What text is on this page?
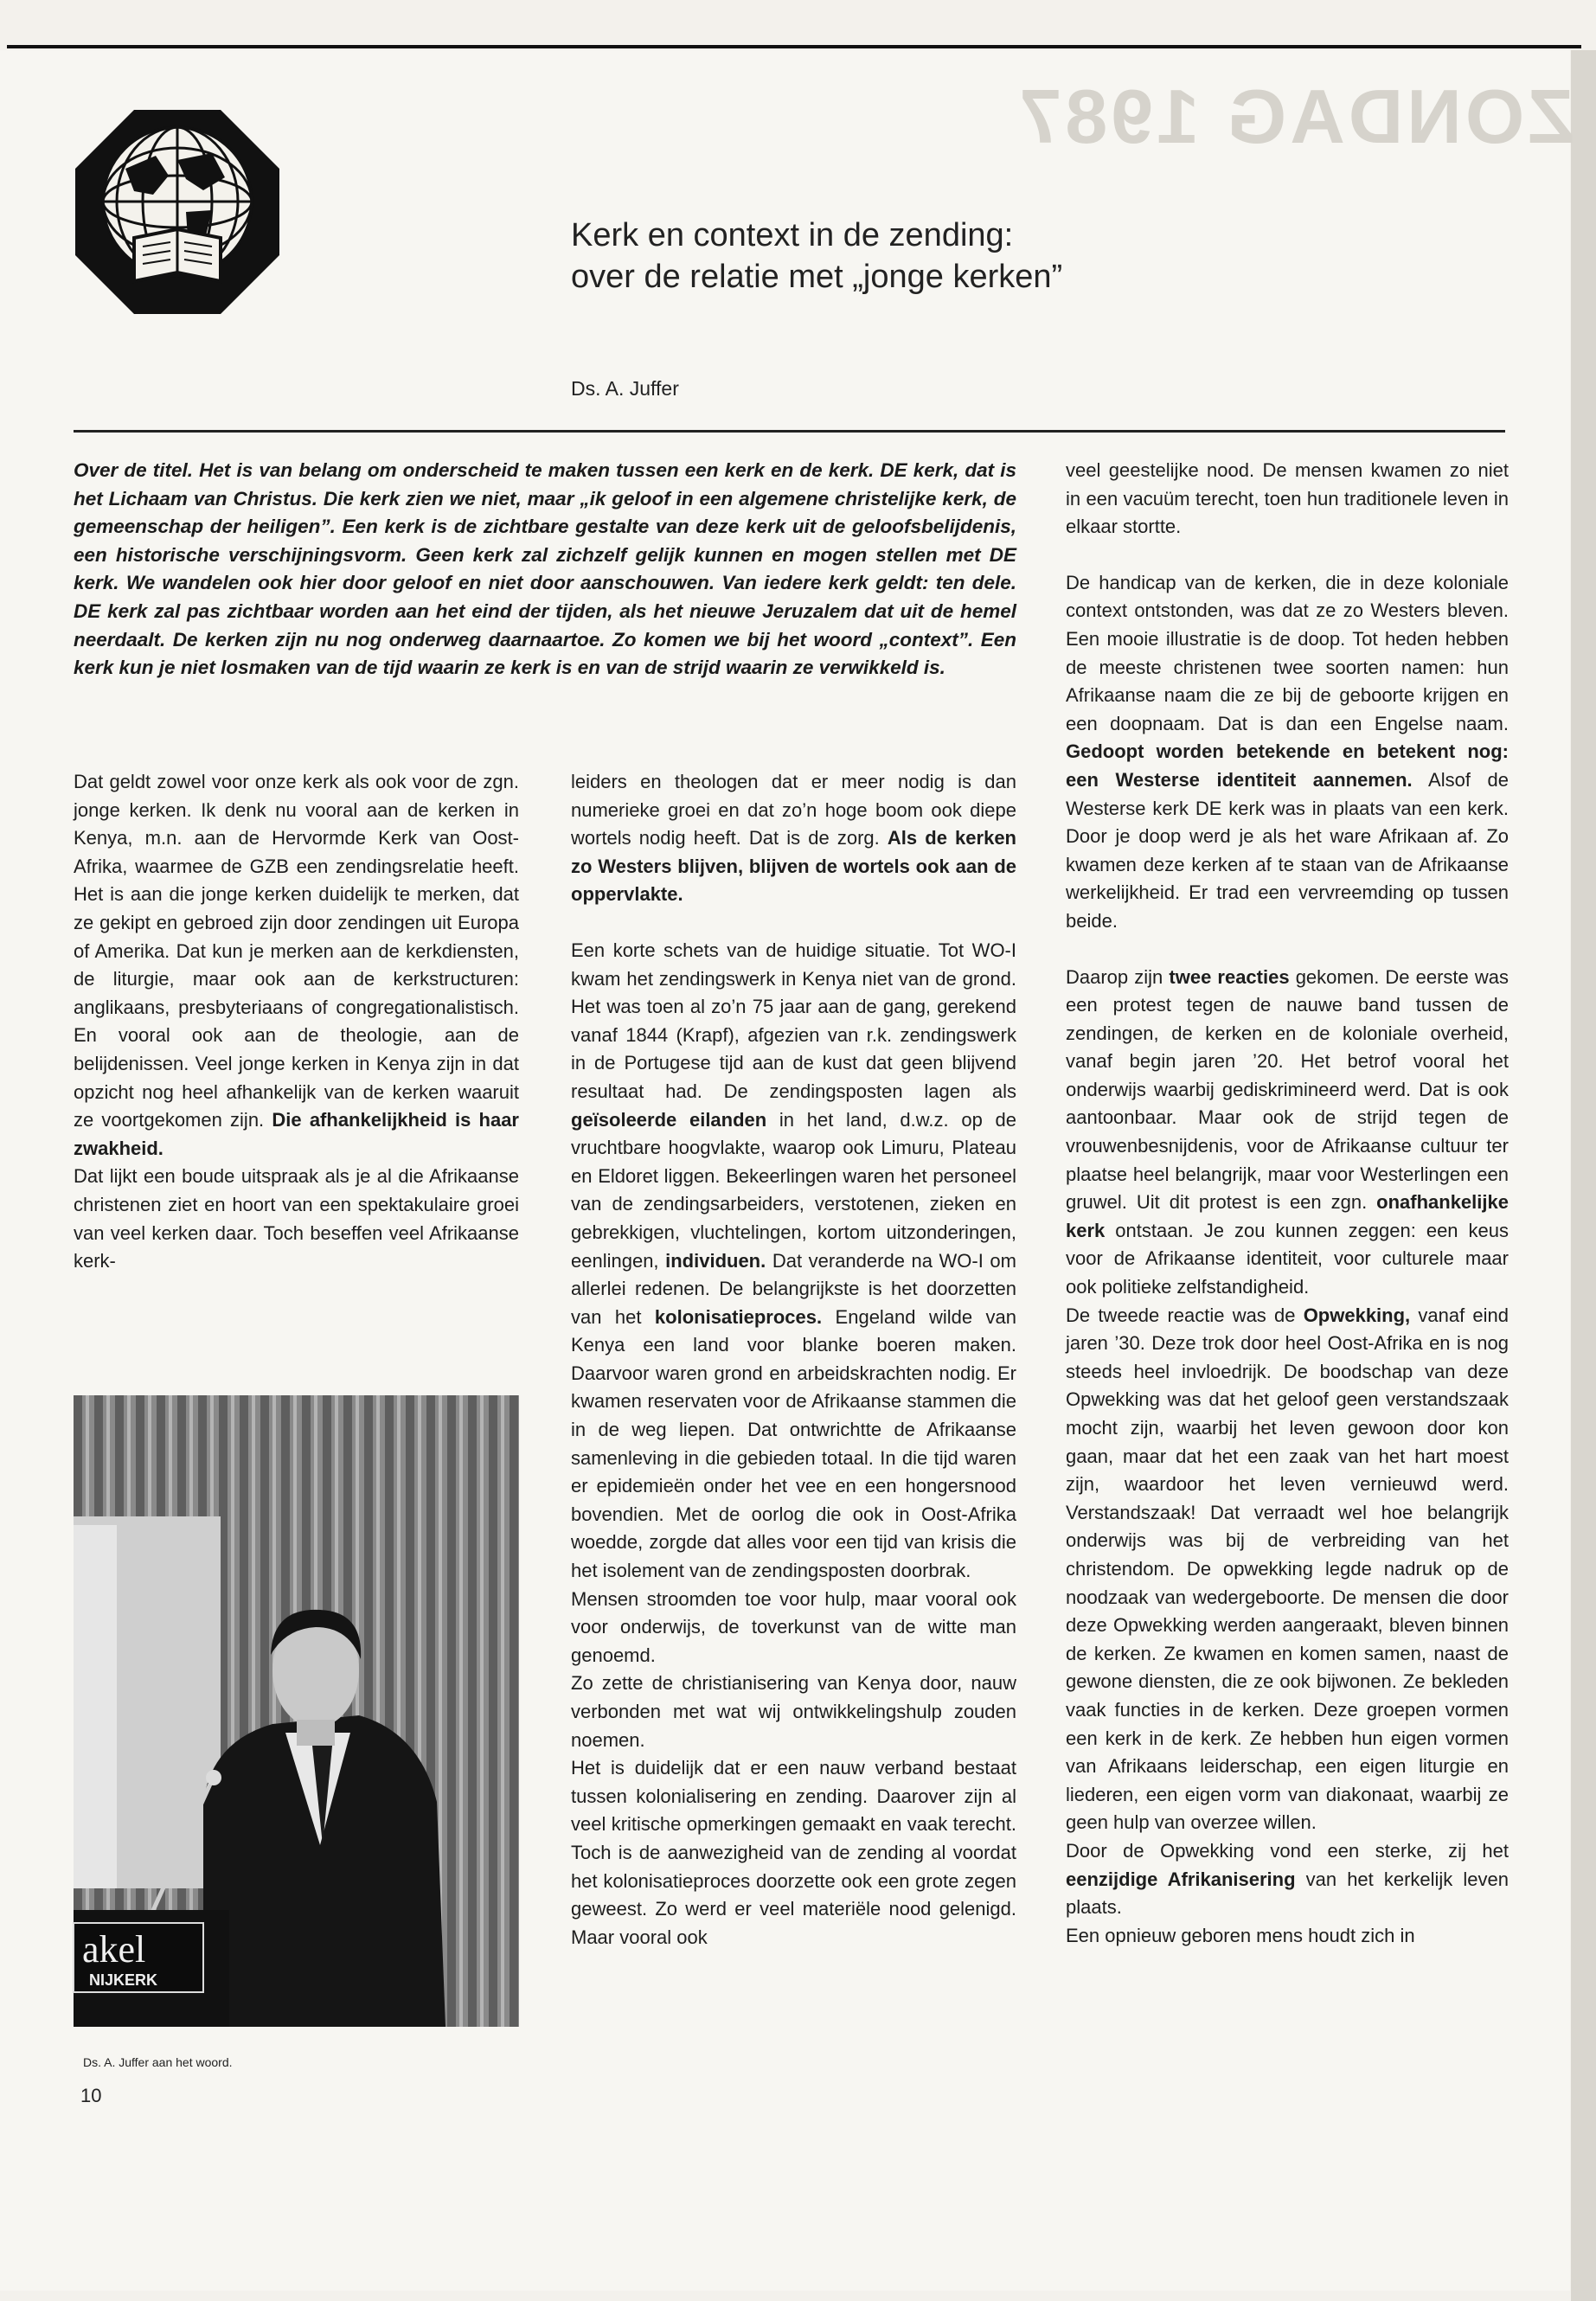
ZONDAG 1987
Kerk en context in de zending:
over de relatie met „jonge kerken”
Ds. A. Juffer
Over de titel. Het is van belang om onderscheid te maken tussen een kerk en de kerk. DE kerk, dat is het Lichaam van Christus. Die kerk zien we niet, maar „ik geloof in een algemene christelijke kerk, de gemeenschap der heiligen”. Een kerk is de zichtbare gestalte van deze kerk uit de geloofsbelijdenis, een historische verschijningsvorm. Geen kerk zal zichzelf gelijk kunnen en mogen stellen met DE kerk. We wandelen ook hier door geloof en niet door aanschouwen. Van iedere kerk geldt: ten dele. DE kerk zal pas zichtbaar worden aan het eind der tijden, als het nieuwe Jeruzalem dat uit de hemel neerdaalt. De kerken zijn nu nog onderweg daarnaartoe. Zo komen we bij het woord „context”. Een kerk kun je niet losmaken van de tijd waarin ze kerk is en van de strijd waarin ze verwikkeld is.

Dat geldt zowel voor onze kerk als ook voor de zgn. jonge kerken. Ik denk nu vooral aan de kerken in Kenya, m.n. aan de Hervormde Kerk van Oost-Afrika, waarmee de GZB een zendingsrelatie heeft. Het is aan die jonge kerken duidelijk te merken, dat ze gekipt en gebroed zijn door zendingen uit Europa of Amerika. Dat kun je merken aan de kerkdiensten, de liturgie, maar ook aan de kerkstructuren: anglikaans, presbyteriaans of congregationalistisch. En vooral ook aan de theologie, aan de belijdenissen. Veel jonge kerken in Kenya zijn in dat opzicht nog heel afhankelijk van de kerken waaruit ze voortgekomen zijn. Die afhankelijkheid is haar zwakheid.

Dat lijkt een boude uitspraak als je al die Afrikaanse christenen ziet en hoort van een spektakulaire groei van veel kerken daar. Toch beseffen veel Afrikaanse kerk-

akel
NIJKERK
Ds. A. Juffer aan het woord.
10

leiders en theologen dat er meer nodig is dan numerieke groei en dat zo’n hoge boom ook diepe wortels nodig heeft. Dat is de zorg. Als de kerken zo Westers blijven, blijven de wortels ook aan de oppervlakte.

Een korte schets van de huidige situatie. Tot WO-I kwam het zendingswerk in Kenya niet van de grond. Het was toen al zo’n 75 jaar aan de gang, gerekend vanaf 1844 (Krapf), afgezien van r.k. zendingswerk in de Portugese tijd aan de kust dat geen blijvend resultaat had. De zendingsposten lagen als geïsoleerde eilanden in het land, d.w.z. op de vruchtbare hoogvlakte, waarop ook Limuru, Plateau en Eldoret liggen. Bekeerlingen waren het personeel van de zendingsarbeiders, verstotenen, zieken en gebrekkigen, vluchtelingen, kortom uitzonderingen, eenlingen, individuen. Dat veranderde na WO-I om allerlei redenen. De belangrijkste is het doorzetten van het kolonisatieproces. Engeland wilde van Kenya een land voor blanke boeren maken. Daarvoor waren grond en arbeidskrachten nodig. Er kwamen reservaten voor de Afrikaanse stammen die in de weg liepen. Dat ontwrichtte de Afrikaanse samenleving in die gebieden totaal. In die tijd waren er epidemieën onder het vee en een hongersnood bovendien. Met de oorlog die ook in Oost-Afrika woedde, zorgde dat alles voor een tijd van krisis die het isolement van de zendingsposten doorbrak.

Mensen stroomden toe voor hulp, maar vooral ook voor onderwijs, de toverkunst van de witte man genoemd.

Zo zette de christianisering van Kenya door, nauw verbonden met wat wij ontwikkelingshulp zouden noemen.

Het is duidelijk dat er een nauw verband bestaat tussen kolonialisering en zending. Daarover zijn al veel kritische opmerkingen gemaakt en vaak terecht. Toch is de aanwezigheid van de zending al voordat het kolonisatieproces doorzette ook een grote zegen geweest. Zo werd er veel materiële nood gelenigd. Maar vooral ook

veel geestelijke nood. De mensen kwamen zo niet in een vacuüm terecht, toen hun traditionele leven in elkaar stortte.

De handicap van de kerken, die in deze koloniale context ontstonden, was dat ze zo Westers bleven. Een mooie illustratie is de doop. Tot heden hebben de meeste christenen twee soorten namen: hun Afrikaanse naam die ze bij de geboorte krijgen en een doopnaam. Dat is dan een Engelse naam. Gedoopt worden betekende en betekent nog: een Westerse identiteit aannemen. Alsof de Westerse kerk DE kerk was in plaats van een kerk. Door je doop werd je als het ware Afrikaan af. Zo kwamen deze kerken af te staan van de Afrikaanse werkelijkheid. Er trad een vervreemding op tussen beide.

Daarop zijn twee reacties gekomen. De eerste was een protest tegen de nauwe band tussen de zendingen, de kerken en de koloniale overheid, vanaf begin jaren ’20. Het betrof vooral het onderwijs waarbij gediskrimineerd werd. Dat is ook aantoonbaar. Maar ook de strijd tegen de vrouwenbesnijdenis, voor de Afrikaanse cultuur ter plaatse heel belangrijk, maar voor Westerlingen een gruwel. Uit dit protest is een zgn. onafhankelijke kerk ontstaan. Je zou kunnen zeggen: een keus voor de Afrikaanse identiteit, voor culturele maar ook politieke zelfstandigheid.

De tweede reactie was de Opwekking, vanaf eind jaren ’30. Deze trok door heel Oost-Afrika en is nog steeds heel invloedrijk. De boodschap van deze Opwekking was dat het geloof geen verstandszaak mocht zijn, waarbij het leven gewoon door kon gaan, maar dat het een zaak van het hart moest zijn, waardoor het leven vernieuwd werd. Verstandszaak! Dat verraadt wel hoe belangrijk onderwijs was bij de verbreiding van het christendom. De opwekking legde nadruk op de noodzaak van wedergeboorte. De mensen die door deze Opwekking werden aangeraakt, bleven binnen de kerken. Ze kwamen en komen samen, naast de gewone diensten, die ze ook bijwonen. Ze bekleden vaak functies in de kerken. Deze groepen vormen een kerk in de kerk. Ze hebben hun eigen vormen van Afrikaans leiderschap, een eigen liturgie en liederen, een eigen vorm van diakonaat, waarbij ze geen hulp van overzee willen.

Door de Opwekking vond een sterke, zij het eenzijdige Afrikanisering van het kerkelijk leven plaats.

Een opnieuw geboren mens houdt zich in
